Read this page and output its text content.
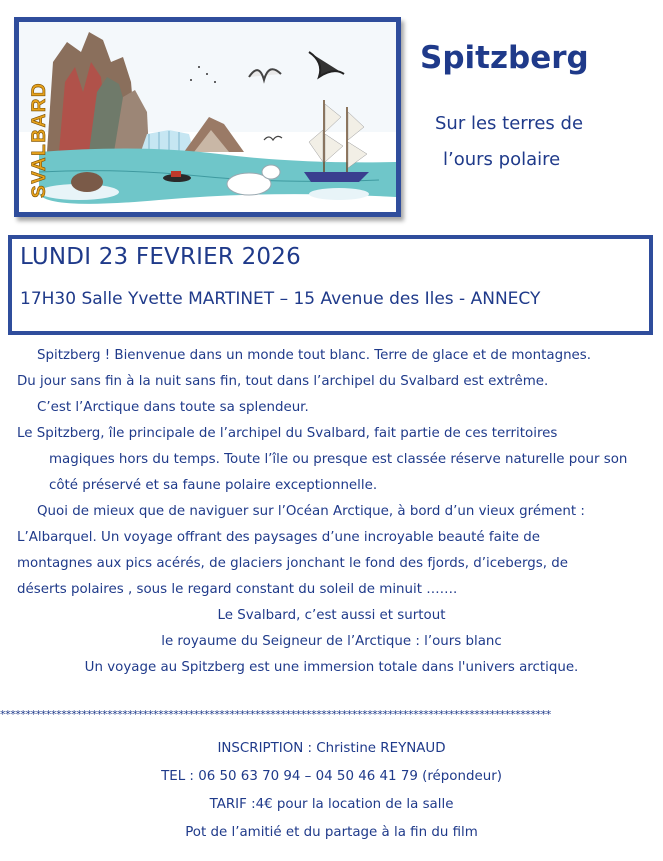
SVALBARD
Spitzberg
Sur les terres de
l’ours polaire
LUNDI 23 FEVRIER 2026
17H30 Salle Yvette MARTINET – 15 Avenue des Iles - ANNECY
Spitzberg ! Bienvenue dans un monde tout blanc. Terre de glace et de montagnes.
Du jour sans fin à la nuit sans fin, tout dans l’archipel du Svalbard est extrême.
C’est l’Arctique dans toute sa splendeur.
Le Spitzberg, île principale de l’archipel du Svalbard, fait partie de ces territoires
magiques hors du temps. Toute l’île ou presque est classée réserve naturelle pour son
côté préservé et sa faune polaire exceptionnelle.
Quoi de mieux que de naviguer sur l’Océan Arctique, à bord d’un vieux grément :
L’Albarquel. Un voyage offrant des paysages d’une incroyable beauté faite de
montagnes aux pics acérés, de glaciers jonchant le fond des fjords, d’icebergs, de
déserts polaires , sous le regard constant du soleil de minuit …….
Le Svalbard, c’est aussi et surtout
le royaume du Seigneur de l’Arctique : l’ours blanc
Un voyage au Spitzberg est une immersion totale dans l'univers arctique.
************************************************************************************************************
INSCRIPTION : Christine REYNAUD
TEL : 06 50 63 70 94 – 04 50 46 41 79 (répondeur)
TARIF :4€ pour la location de la salle
Pot de l’amitié et du partage à la fin du film
